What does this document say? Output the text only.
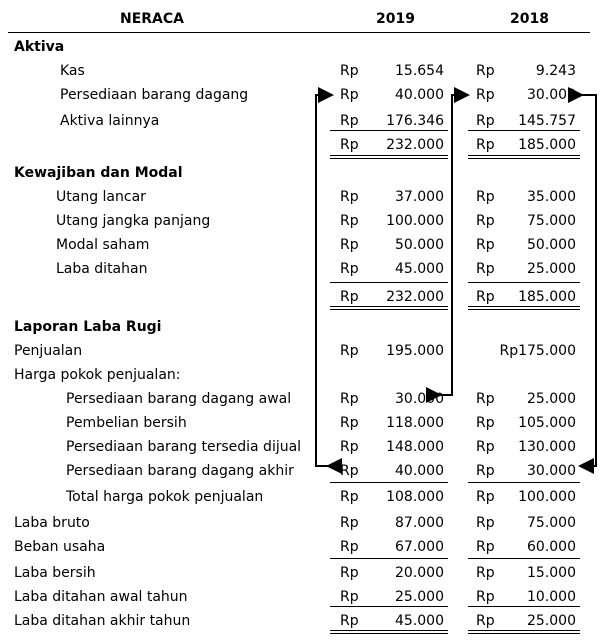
NERACA	2019	2018
Aktiva
Kewajiban dan Modal
Laporan Laba Rugi
Kas	Rp	15.654 Rp	9.243
Persediaan barang dagang	Rp	40.000 Rp	30.000
Aktiva lainnya	Rp	176.346 Rp	145.757
Rp	232.000 Rp	185.000
Utang lancar	Rp	37.000 Rp	35.000
Utang jangka panjang	Rp	100.000 Rp	75.000
Modal saham	Rp	50.000 Rp	50.000
Laba ditahan	Rp	45.000 Rp	25.000
Rp	232.000 Rp	185.000
Penjualan	Rp	195.000	Rp175.000
Harga pokok penjualan:
Persediaan barang dagang awal	Rp	30.000 Rp	25.000
Pembelian bersih	Rp	118.000 Rp	105.000
Persediaan barang tersedia dijual	Rp	148.000 Rp	130.000
Persediaan barang dagang akhir	Rp	40.000 Rp	30.000
Total harga pokok penjualan	Rp	108.000 Rp	100.000
Laba bruto	Rp	87.000 Rp	75.000
Beban usaha	Rp	67.000 Rp	60.000
Laba bersih	Rp	20.000 Rp	15.000
Laba ditahan awal tahun	Rp	25.000 Rp	10.000
Laba ditahan akhir tahun	Rp	45.000 Rp	25.000
